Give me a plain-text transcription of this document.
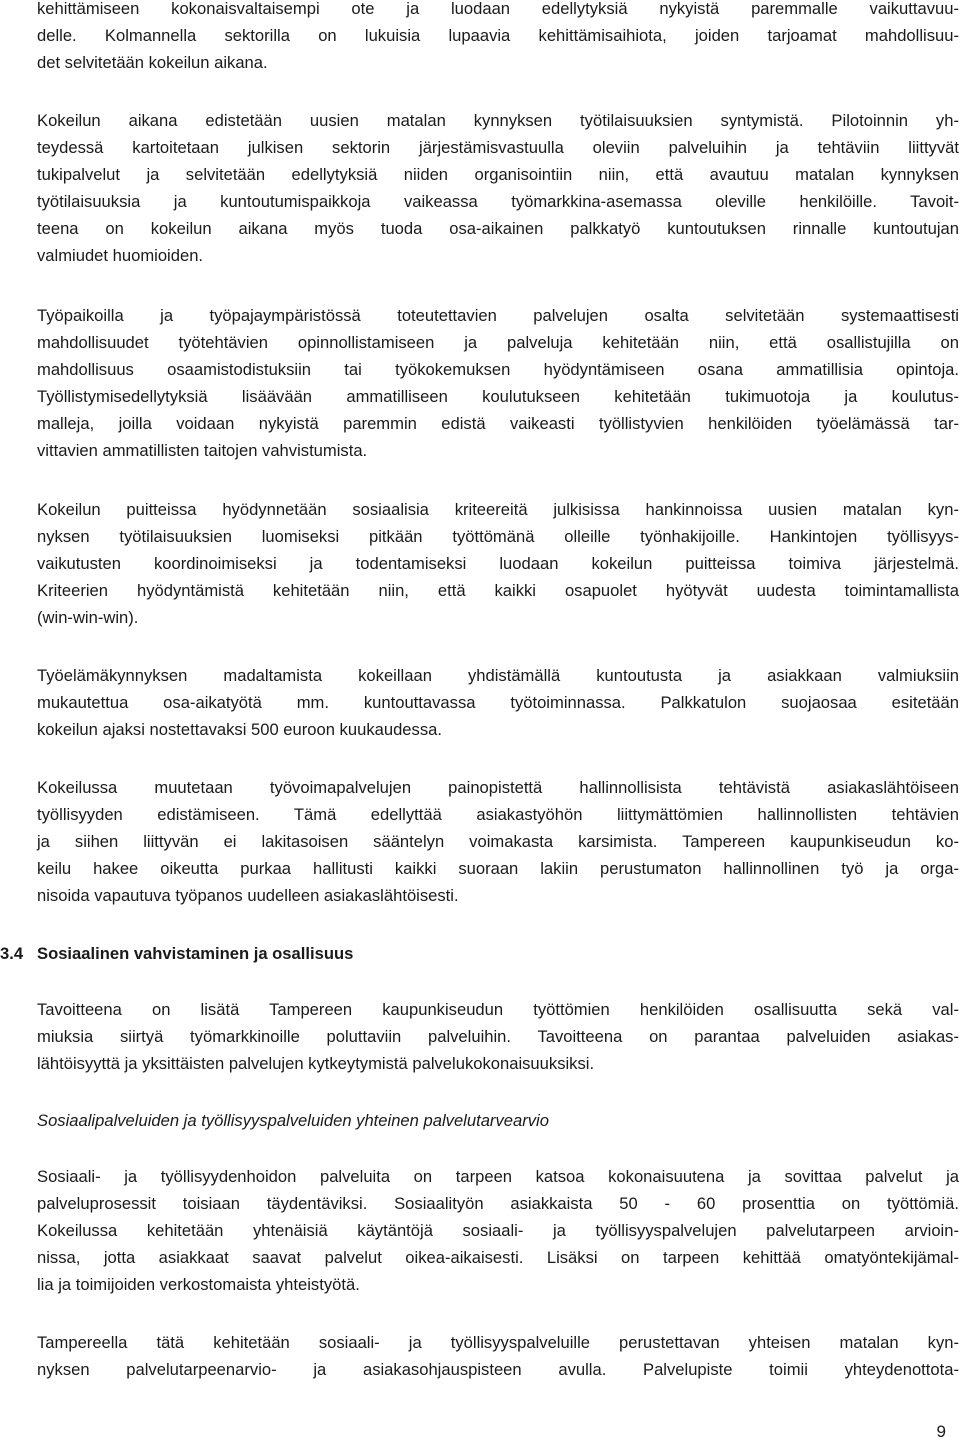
kehittämiseen kokonaisvaltaisempi ote ja luodaan edellytyksiä nykyistä paremmalle vaikuttavuu-
delle. Kolmannella sektorilla on lukuisia lupaavia kehittämisaihiota, joiden tarjoamat mahdollisuu-
det selvitetään kokeilun aikana.
Kokeilun aikana edistetään uusien matalan kynnyksen työtilaisuuksien syntymistä. Pilotoinnin yh-
teydessä kartoitetaan julkisen sektorin järjestämisvastuulla oleviin palveluihin ja tehtäviin liittyvät
tukipalvelut ja selvitetään edellytyksiä niiden organisointiin niin, että avautuu matalan kynnyksen
työtilaisuuksia ja kuntoutumispaikkoja vaikeassa työmarkkina-asemassa oleville henkilöille. Tavoit-
teena on kokeilun aikana myös tuoda osa-aikainen palkkatyö kuntoutuksen rinnalle kuntoutujan
valmiudet huomioiden.
Työpaikoilla ja työpajaympäristössä toteutettavien palvelujen osalta selvitetään systemaattisesti
mahdollisuudet työtehtävien opinnollistamiseen ja palveluja kehitetään niin, että osallistujilla on
mahdollisuus osaamistodistuksiin tai työkokemuksen hyödyntämiseen osana ammatillisia opintoja.
Työllistymisedellytyksiä lisäävään ammatilliseen koulutukseen kehitetään tukimuotoja ja koulutus-
malleja, joilla voidaan nykyistä paremmin edistä vaikeasti työllistyvien henkilöiden työelämässä tar-
vittavien ammatillisten taitojen vahvistumista.
Kokeilun puitteissa hyödynnetään sosiaalisia kriteereitä julkisissa hankinnoissa uusien matalan kyn-
nyksen työtilaisuuksien luomiseksi pitkään työttömänä olleille työnhakijoille. Hankintojen työllisyys-
vaikutusten koordinoimiseksi ja todentamiseksi luodaan kokeilun puitteissa toimiva järjestelmä.
Kriteerien hyödyntämistä kehitetään niin, että kaikki osapuolet hyötyvät uudesta toimintamallista
(win-win-win).
Työelämäkynnyksen madaltamista kokeillaan yhdistämällä kuntoutusta ja asiakkaan valmiuksiin
mukautettua osa-aikatyötä mm. kuntouttavassa työtoiminnassa. Palkkatulon suojaosaa esitetään
kokeilun ajaksi nostettavaksi 500 euroon kuukaudessa.
Kokeilussa muutetaan työvoimapalvelujen painopistettä hallinnollisista tehtävistä asiakaslähtöiseen
työllisyyden edistämiseen. Tämä edellyttää asiakastyöhön liittymättömien hallinnollisten tehtävien
ja siihen liittyvän ei lakitasoisen sääntelyn voimakasta karsimista. Tampereen kaupunkiseudun ko-
keilu hakee oikeutta purkaa hallitusti kaikki suoraan lakiin perustumaton hallinnollinen työ ja orga-
nisoida vapautuva työpanos uudelleen asiakaslähtöisesti.
3.4 Sosiaalinen vahvistaminen ja osallisuus
Tavoitteena on lisätä Tampereen kaupunkiseudun työttömien henkilöiden osallisuutta sekä val-
miuksia siirtyä työmarkkinoille poluttaviin palveluihin. Tavoitteena on parantaa palveluiden asiakas-
lähtöisyyttä ja yksittäisten palvelujen kytkeytymistä palvelukokonaisuuksiksi.
Sosiaalipalveluiden ja työllisyyspalveluiden yhteinen palvelutarvearvio
Sosiaali- ja työllisyydenhoidon palveluita on tarpeen katsoa kokonaisuutena ja sovittaa palvelut ja
palveluprosessit toisiaan täydentäviksi. Sosiaalityön asiakkaista 50 - 60 prosenttia on työttömiä.
Kokeilussa kehitetään yhtenäisiä käytäntöjä sosiaali- ja työllisyyspalvelujen palvelutarpeen arvioin-
nissa, jotta asiakkaat saavat palvelut oikea-aikaisesti. Lisäksi on tarpeen kehittää omatyöntekijämal-
lia ja toimijoiden verkostomaista yhteistyötä.
Tampereella tätä kehitetään sosiaali- ja työllisyyspalveluille perustettavan yhteisen matalan kyn-
nyksen palvelutarpeenarvio- ja asiakasohjauspisteen avulla. Palvelupiste toimii yhteydenottota-
9
